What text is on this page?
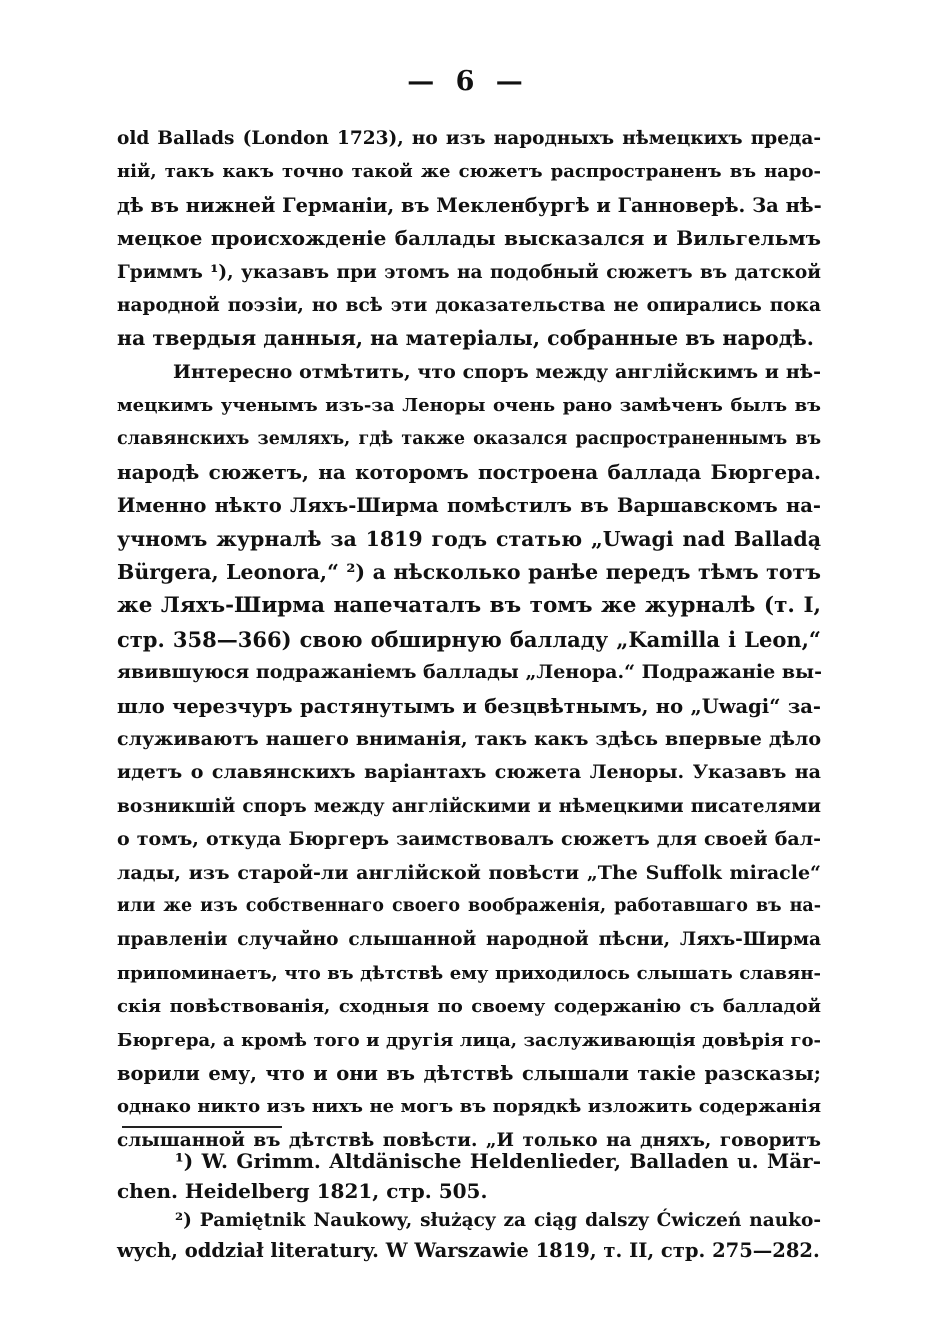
— 6 —
old Ballads (London 1723), но изъ народныхъ нѣмецкихъ преда-
ній, такъ какъ точно такой же сюжетъ распространенъ въ наро-
дѣ въ нижней Германіи, въ Мекленбургѣ и Ганноверѣ. За нѣ-
мецкое происхожденіе баллады высказался и Вильгельмъ
Гриммъ ¹), указавъ при этомъ на подобный сюжетъ въ датской
народной поэзіи, но всѣ эти доказательства не опирались пока
на твердыя данныя, на матеріалы, собранные въ народѣ.
Интересно отмѣтить, что споръ между англійскимъ и нѣ-
мецкимъ ученымъ изъ-за Леноры очень рано замѣченъ былъ въ
славянскихъ земляхъ, гдѣ также оказался распространеннымъ въ
народѣ сюжетъ, на которомъ построена баллада Бюргера.
Именно нѣкто Ляхъ-Ширма помѣстилъ въ Варшавскомъ на-
учномъ журналѣ за 1819 годъ статью „Uwagi nad Balladą
Bürgera, Leonora,“ ²) а нѣсколько ранѣе передъ тѣмъ тотъ
же Ляхъ-Ширма напечаталъ въ томъ же журналѣ (т. I,
стр. 358—366) свою обширную балладу „Kamilla i Leon,“
явившуюся подражаніемъ баллады „Ленора.“ Подражаніе вы-
шло черезчуръ растянутымъ и безцвѣтнымъ, но „Uwagi“ за-
служиваютъ нашего вниманія, такъ какъ здѣсь впервые дѣло
идетъ о славянскихъ варіантахъ сюжета Леноры. Указавъ на
возникшій споръ между англійскими и нѣмецкими писателями
о томъ, откуда Бюргеръ заимствовалъ сюжетъ для своей бал-
лады, изъ старой-ли англійской повѣсти „The Suffolk miracle“
или же изъ собственнаго своего воображенія, работавшаго въ на-
правленіи случайно слышанной народной пѣсни, Ляхъ-Ширма
припоминаетъ, что въ дѣтствѣ ему приходилось слышать славян-
скія повѣствованія, сходныя по своему содержанію съ балладой
Бюргера, а кромѣ того и другія лица, заслуживающія довѣрія го-
ворили ему, что и они въ дѣтствѣ слышали такіе разсказы;
однако никто изъ нихъ не могъ въ порядкѣ изложить содержанія
слышанной въ дѣтствѣ повѣсти. „И только на дняхъ, говоритъ
¹) W. Grimm. Altdänische Heldenlieder, Balladen u. Mär-
chen. Heidelberg 1821, стр. 505.
²) Pamiętnik Naukowy, służący za ciąg dalszy Ćwiczeń nauko-
wych, oddział literatury. W Warszawie 1819, т. II, стр. 275—282.
